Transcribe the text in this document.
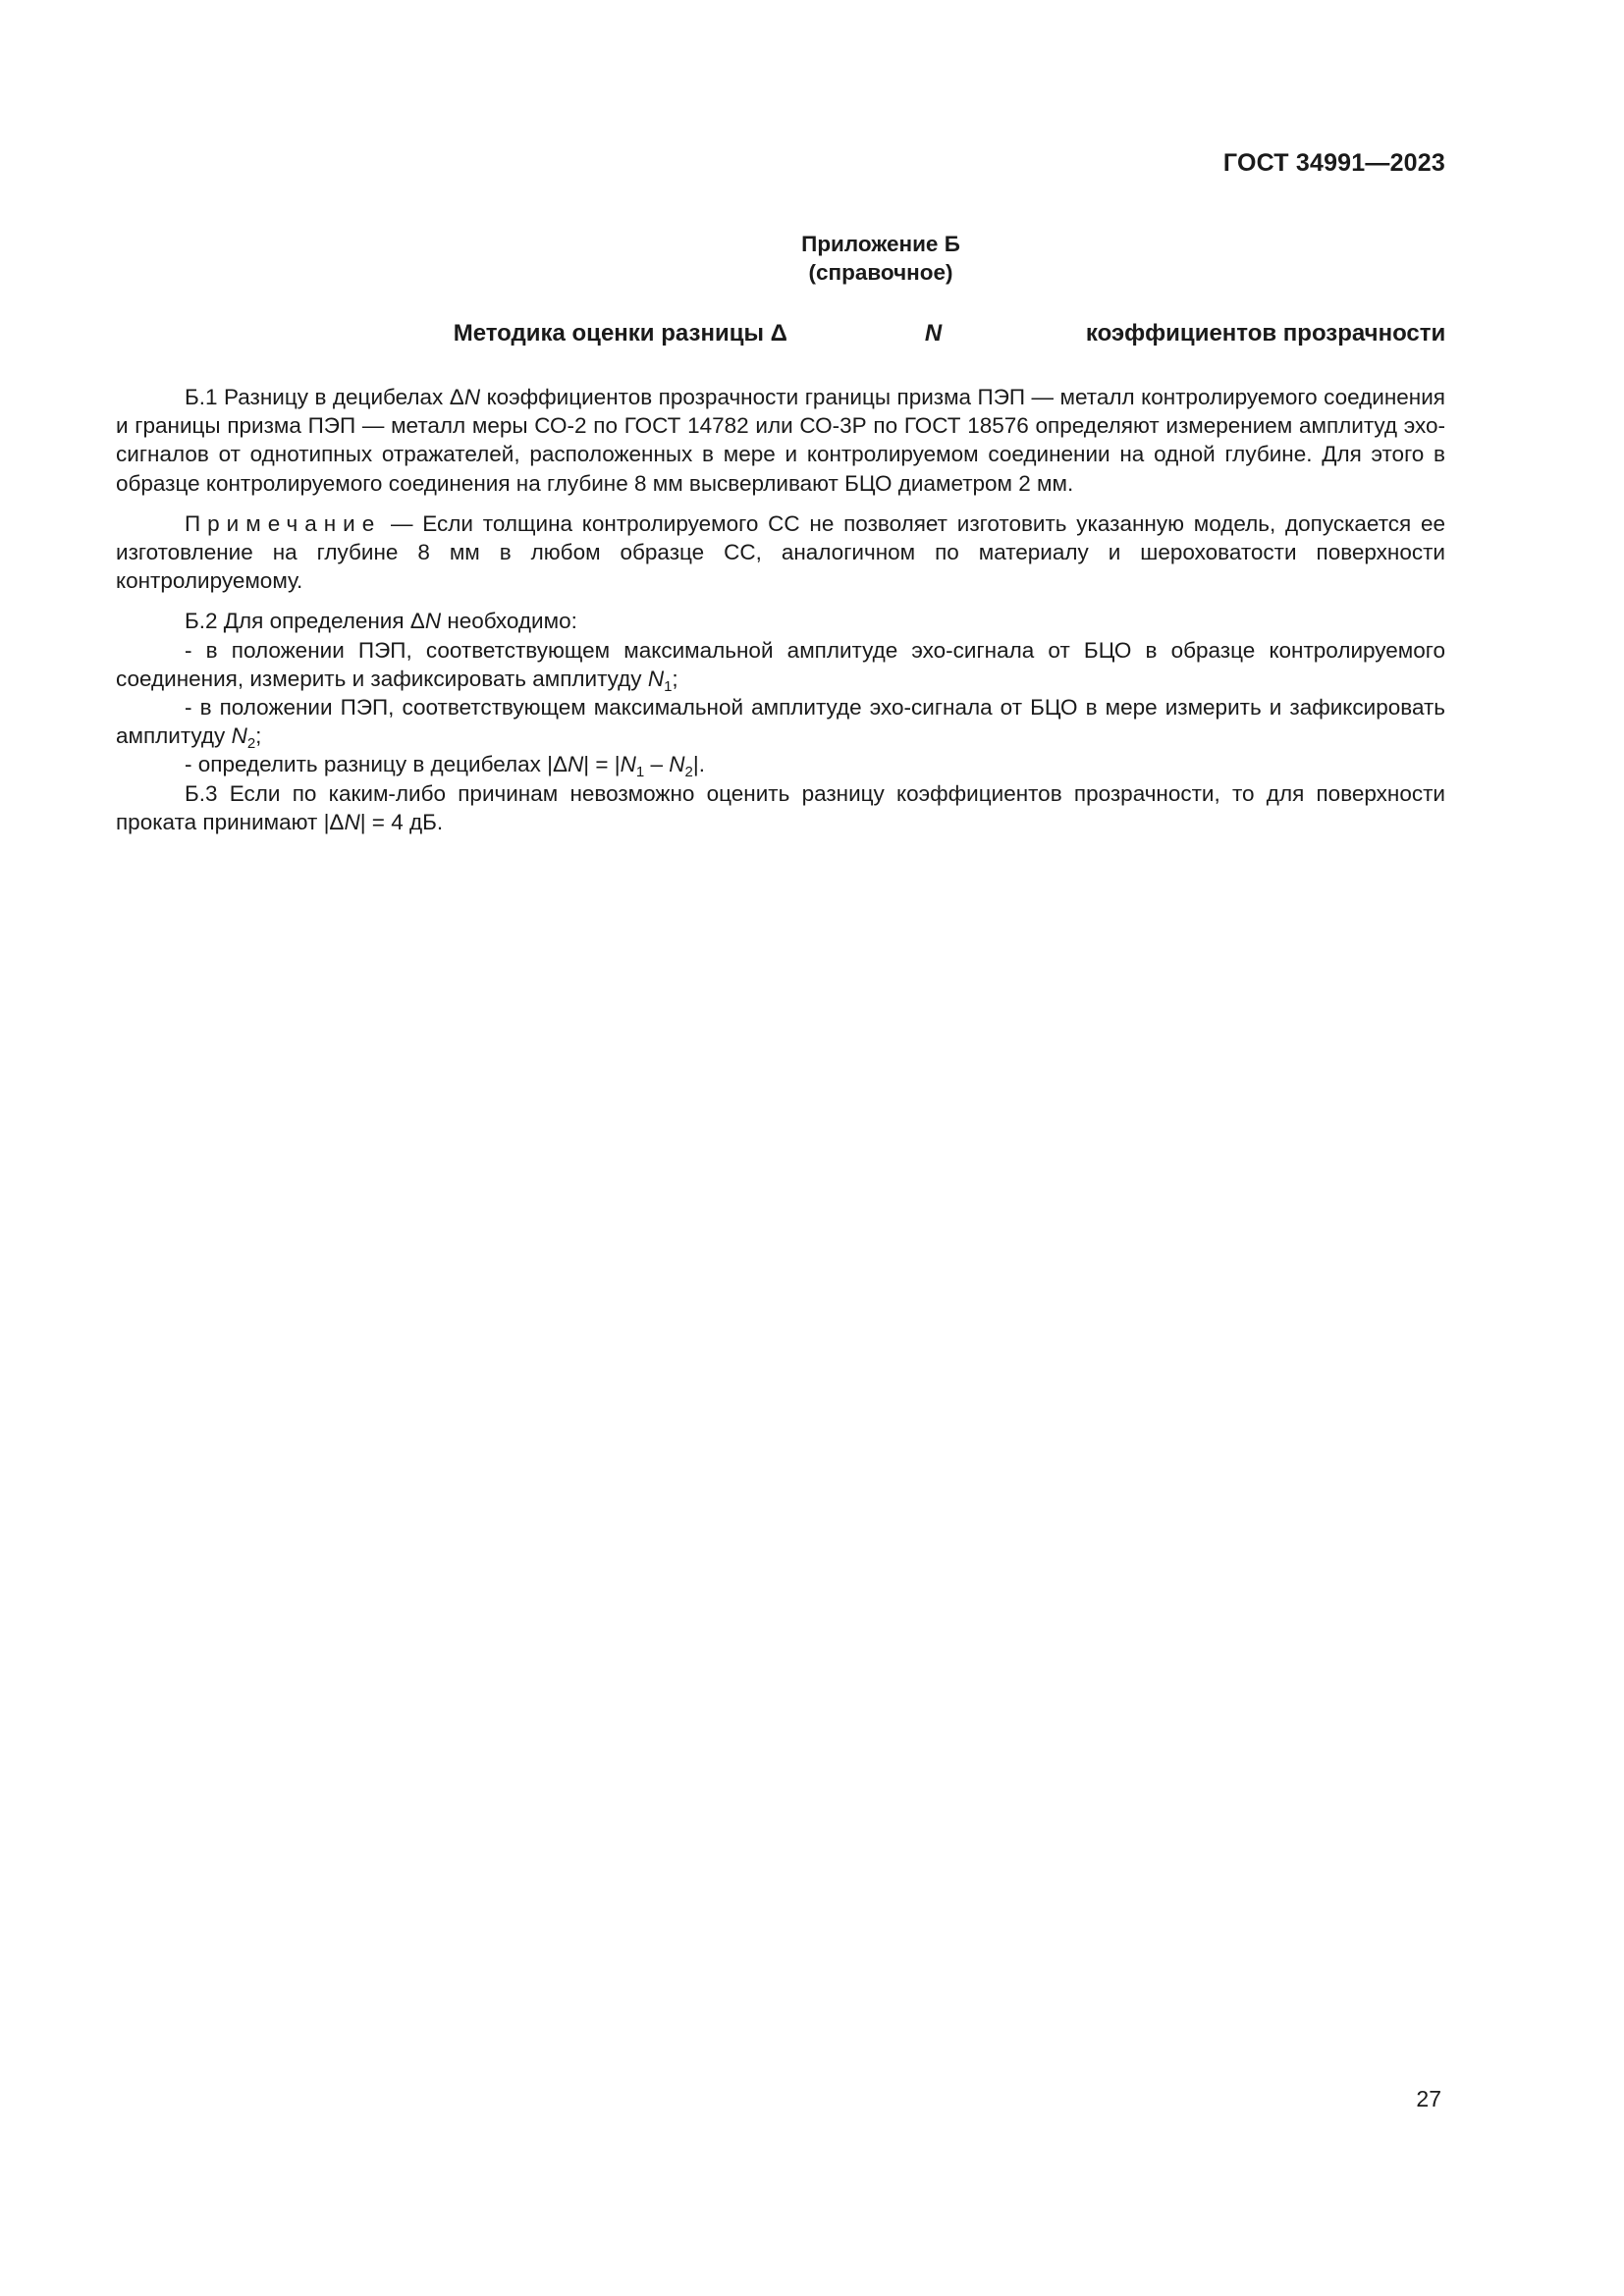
ГОСТ 34991—2023
Приложение Б
(справочное)
Методика оценки разницы Δ	N	коэффициентов прозрачности

Б.1 Разницу в децибелах ΔN коэффициентов прозрачности границы призма ПЭП — металл контролируемого соединения и границы призма ПЭП — металл меры СО-2 по ГОСТ 14782 или СО-3Р по ГОСТ 18576 определяют измерением амплитуд эхо-сигналов от однотипных отражателей, расположенных в мере и контролируемом соединении на одной глубине. Для этого в образце контролируемого соединения на глубине 8 мм высверливают БЦО диаметром 2 мм.

Примечание — Если толщина контролируемого СС не позволяет изготовить указанную модель, допускается ее изготовление на глубине 8 мм в любом образце СС, аналогичном по материалу и шероховатости поверхности контролируемому.

Б.2 Для определения ΔN необходимо:

- в положении ПЭП, соответствующем максимальной амплитуде эхо-сигнала от БЦО в образце контролируемого соединения, измерить и зафиксировать амплитуду $N_1$;

- в положении ПЭП, соответствующем максимальной амплитуде эхо-сигнала от БЦО в мере измерить и зафиксировать амплитуду $N_2$;

- определить разницу в децибелах $|\Delta N| = |N_1 - N_2|$.

Б.3 Если по каким-либо причинам невозможно оценить разницу коэффициентов прозрачности, то для поверхности проката принимают |ΔN| = 4 дБ.

27
